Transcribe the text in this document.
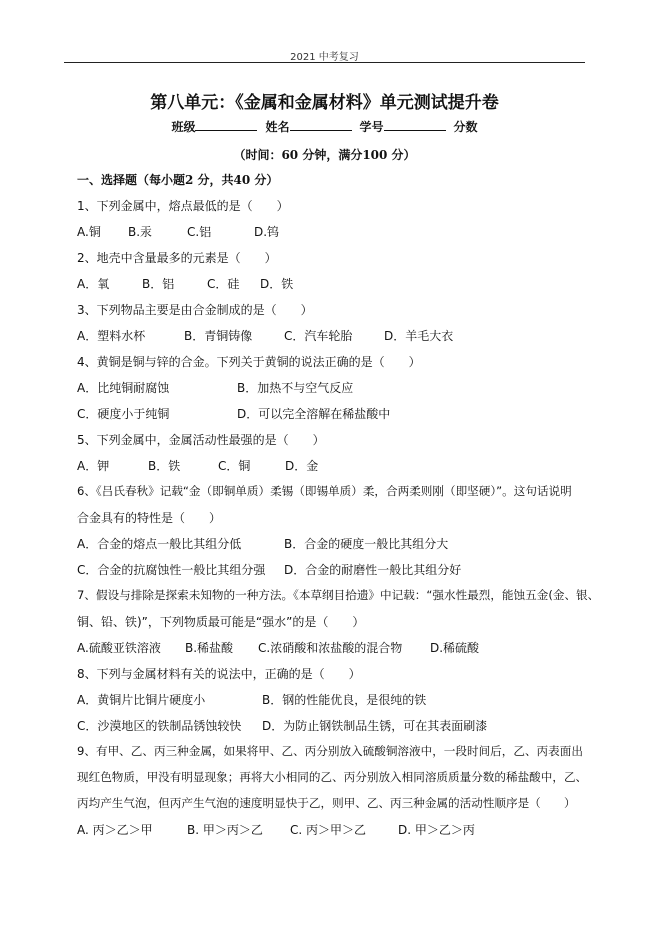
2021 中考复习
第八单元：《金属和金属材料》单元测试提升卷
班级	姓名	学号	分数
（时间：60 分钟，满分100 分）
一、选择题（每小题2 分，共40 分）
1、下列金属中，熔点最低的是（　　）
A.铜 B.汞	C.铝	D.钨
2、地壳中含量最多的元素是（　　）
A．氧	B．铝	C．硅 D．铁
3、下列物品主要是由合金制成的是（　　）
A．塑料水杯	B．青铜铸像	C．汽车轮胎	D．羊毛大衣
4、黄铜是铜与锌的合金。下列关于黄铜的说法正确的是（　　）
A．比纯铜耐腐蚀	B．加热不与空气反应
C．硬度小于纯铜	D．可以完全溶解在稀盐酸中
5、下列金属中，金属活动性最强的是（　　）
A．钾	B．铁	C．铜	D．金
6、《吕氏春秋》记载“金（即铜单质）柔锡（即锡单质）柔，合两柔则刚（即坚硬）”。这句话说明
合金具有的特性是（　　）
A．合金的熔点一般比其组分低	B．合金的硬度一般比其组分大
C．合金的抗腐蚀性一般比其组分强 D．合金的耐磨性一般比其组分好
7、假设与排除是探索未知物的一种方法。《本草纲目拾遗》中记载：“强水性最烈，能蚀五金(金、银、
铜、铅、铁)”，下列物质最可能是“强水”的是（　　）
A.硫酸亚铁溶液 B.稀盐酸 C.浓硝酸和浓盐酸的混合物 D.稀硫酸
8、下列与金属材料有关的说法中，正确的是（　　）
A．黄铜片比铜片硬度小	B．钢的性能优良，是很纯的铁
C．沙漠地区的铁制品锈蚀较快 D．为防止钢铁制品生锈，可在其表面刷漆
9、有甲、乙、丙三种金属，如果将甲、乙、丙分别放入硫酸铜溶液中，一段时间后，乙、丙表面出
现红色物质，甲没有明显现象；再将大小相同的乙、丙分别放入相同溶质质量分数的稀盐酸中，乙、
丙均产生气泡，但丙产生气泡的速度明显快于乙，则甲、乙、丙三种金属的活动性顺序是（　　）
A. 丙＞乙＞甲	B. 甲＞丙＞乙 C. 丙＞甲＞乙	D. 甲＞乙＞丙
